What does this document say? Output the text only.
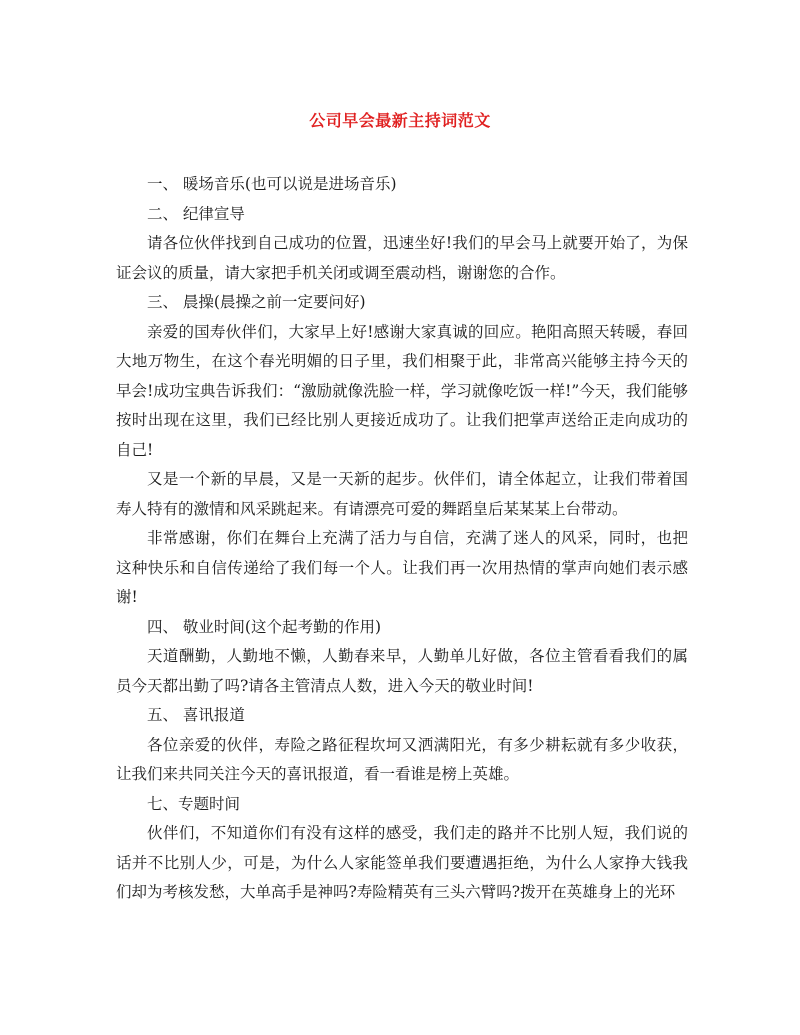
公司早会最新主持词范文

一、 暖场音乐(也可以说是进场音乐)

二、 纪律宣导

请各位伙伴找到自己成功的位置，迅速坐好!我们的早会马上就要开始了，为保证会议的质量，请大家把手机关闭或调至震动档，谢谢您的合作。

三、 晨操(晨操之前一定要问好)

亲爱的国寿伙伴们，大家早上好!感谢大家真诚的回应。艳阳高照天转暖，春回大地万物生，在这个春光明媚的日子里，我们相聚于此，非常高兴能够主持今天的早会!成功宝典告诉我们：“激励就像洗脸一样，学习就像吃饭一样!”今天，我们能够按时出现在这里，我们已经比别人更接近成功了。让我们把掌声送给正走向成功的自己!

又是一个新的早晨，又是一天新的起步。伙伴们，请全体起立，让我们带着国寿人特有的激情和风采跳起来。有请漂亮可爱的舞蹈皇后某某某上台带动。

非常感谢，你们在舞台上充满了活力与自信，充满了迷人的风采，同时，也把这种快乐和自信传递给了我们每一个人。让我们再一次用热情的掌声向她们表示感谢!

四、 敬业时间(这个起考勤的作用)

天道酬勤，人勤地不懒，人勤春来早，人勤单儿好做，各位主管看看我们的属员今天都出勤了吗?请各主管清点人数，进入今天的敬业时间!

五、 喜讯报道

各位亲爱的伙伴，寿险之路征程坎坷又洒满阳光，有多少耕耘就有多少收获，让我们来共同关注今天的喜讯报道，看一看谁是榜上英雄。

七、专题时间

伙伴们，不知道你们有没有这样的感受，我们走的路并不比别人短，我们说的话并不比别人少，可是，为什么人家能签单我们要遭遇拒绝，为什么人家挣大钱我们却为考核发愁，大单高手是神吗?寿险精英有三头六臂吗?拨开在英雄身上的光环
